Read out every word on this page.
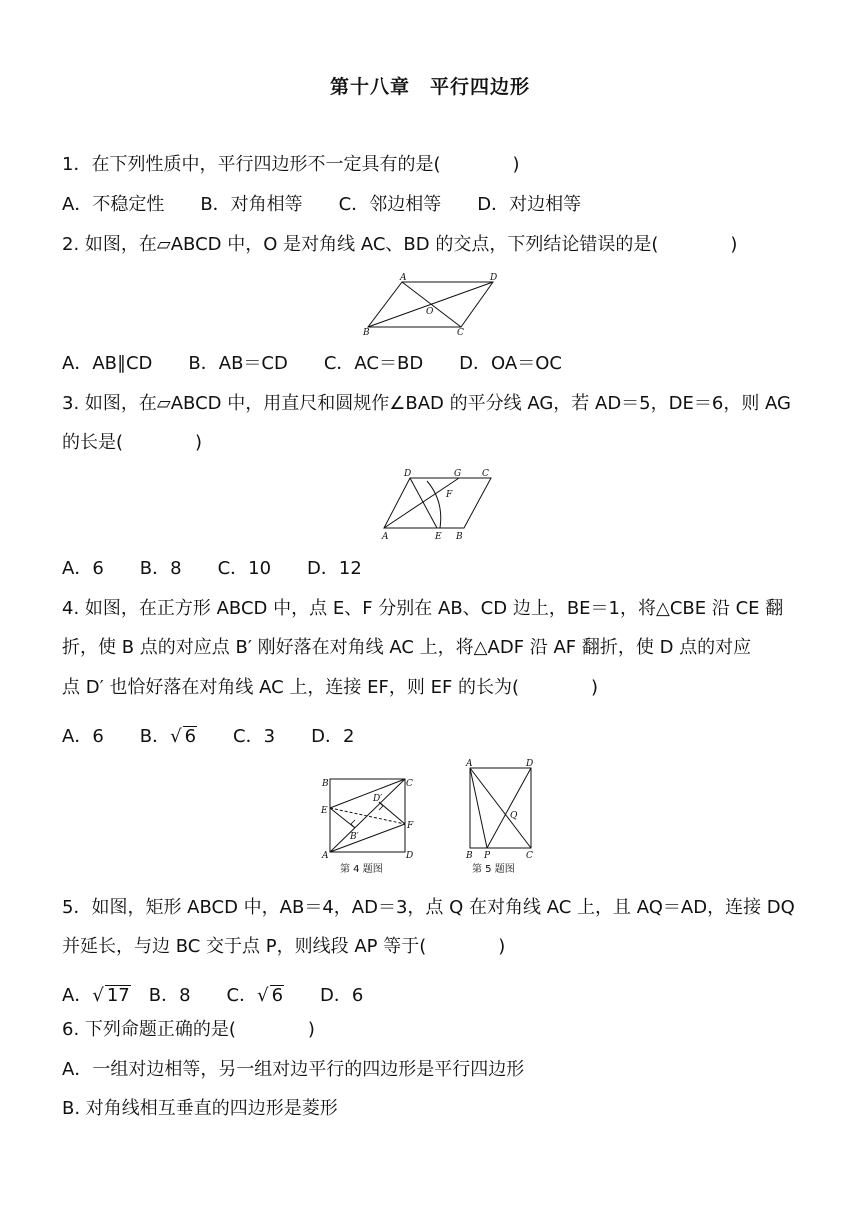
第十八章　平行四边形
1．在下列性质中，平行四边形不一定具有的是(　　　　)
A．不稳定性　　B．对角相等　　C．邻边相等　　D．对边相等
2. 如图，在▱ABCD 中，O 是对角线 AC、BD 的交点，下列结论错误的是(　　　　)
A	D
O
B	C
A．AB∥CD　　B．AB＝CD　　C．AC＝BD　　D．OA＝OC
3. 如图，在▱ABCD 中，用直尺和圆规作∠BAD 的平分线 AG，若 AD＝5，DE＝6，则 AG
的长是(　　　　)
D	G C
F
A	E B
A．6　　B．8　　C．10　　D．12
4. 如图，在正方形 ABCD 中，点 E、F 分别在 AB、CD 边上，BE＝1，将△CBE 沿 CE 翻
折，使 B 点的对应点 B′ 刚好落在对角线 AC 上，将△ADF 沿 AF 翻折，使 D 点的对应
点 D′ 也恰好落在对角线 AC 上，连接 EF，则 EF 的长为(　　　　)
A．6　　B．√ 6　　C．3　　D．2
B	C
E
D′
B′
F
A	D
第 4 题图
A	D
Q
B P	C
第 5 题图
5．如图，矩形 ABCD 中，AB＝4，AD＝3，点 Q 在对角线 AC 上，且 AQ＝AD，连接 DQ
并延长，与边 BC 交于点 P，则线段 AP 等于(　　　　)
A．√ 17　B．8　　C．√ 6　　D．6
6. 下列命题正确的是(　　　　)
A．一组对边相等，另一组对边平行的四边形是平行四边形
B. 对角线相互垂直的四边形是菱形
